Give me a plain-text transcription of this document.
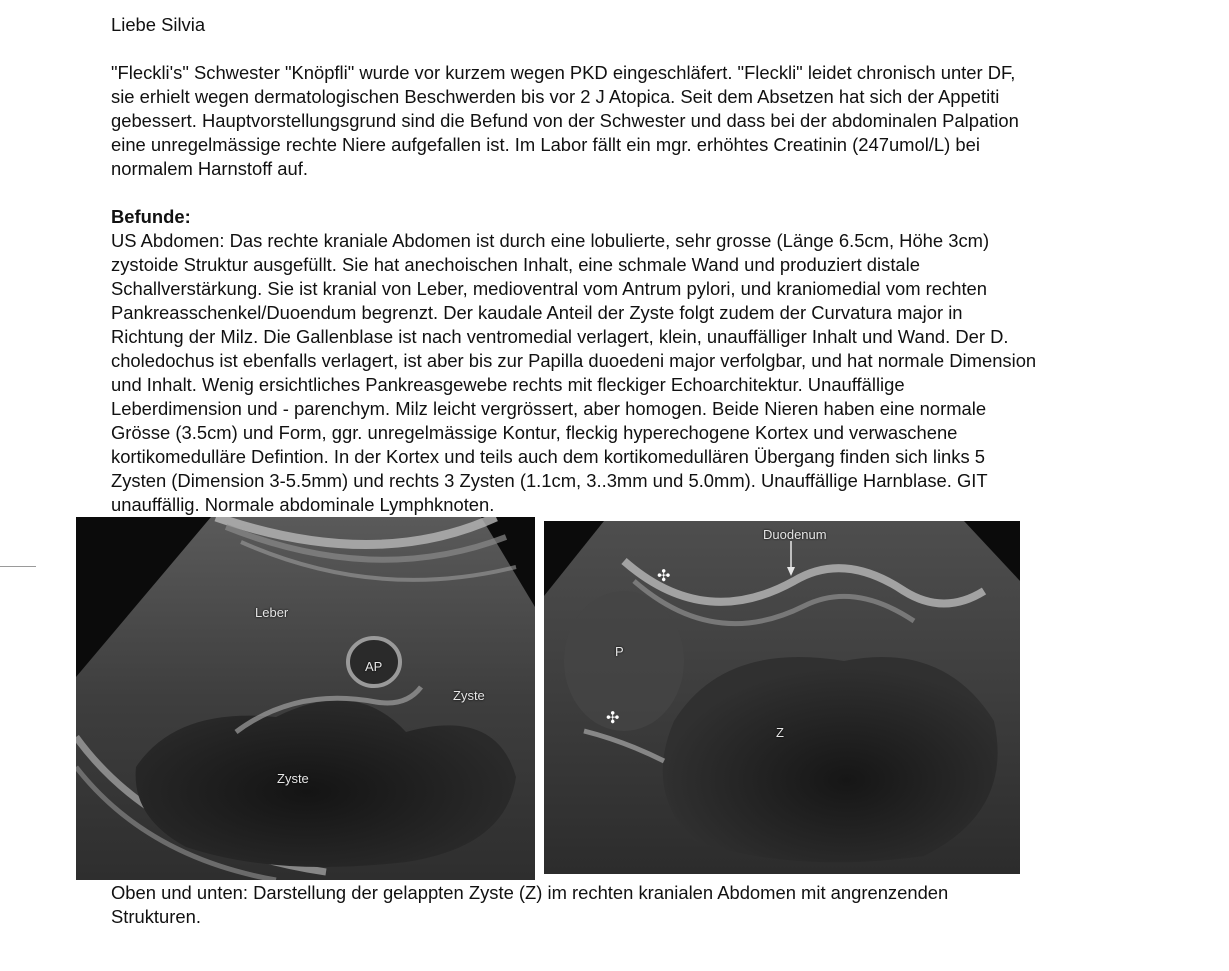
Liebe Silvia
"Fleckli's" Schwester "Knöpfli" wurde vor kurzem wegen PKD eingeschläfert. "Fleckli" leidet chronisch unter DF,
sie erhielt wegen dermatologischen Beschwerden bis vor 2 J Atopica. Seit dem Absetzen hat sich der Appetiti
gebessert. Hauptvorstellungsgrund sind die Befund von der Schwester und dass bei der abdominalen Palpation
eine unregelmässige rechte Niere aufgefallen ist. Im Labor fällt ein mgr. erhöhtes Creatinin (247umol/L) bei
normalem Harnstoff auf.
Befunde:
US Abdomen: Das rechte kraniale Abdomen ist durch eine lobulierte, sehr grosse (Länge 6.5cm, Höhe 3cm)
zystoide Struktur ausgefüllt. Sie hat anechoischen Inhalt, eine schmale Wand und produziert distale
Schallverstärkung. Sie ist kranial von Leber, medioventral vom Antrum pylori, und kraniomedial vom rechten
Pankreasschenkel/Duoendum begrenzt. Der kaudale Anteil der Zyste folgt zudem der Curvatura major in
Richtung der Milz. Die Gallenblase ist nach ventromedial verlagert, klein, unauffälliger Inhalt und Wand. Der D.
choledochus ist ebenfalls verlagert, ist aber bis zur Papilla duoedeni major verfolgbar, und hat normale Dimension
und Inhalt. Wenig ersichtliches Pankreasgewebe rechts mit fleckiger Echoarchitektur. Unauffällige
Leberdimension und - parenchym. Milz leicht vergrössert, aber homogen. Beide Nieren haben eine normale
Grösse (3.5cm) und Form, ggr. unregelmässige Kontur, fleckig hyperechogene Kortex und verwaschene
kortikomedulläre Defintion. In der Kortex und teils auch dem kortikomedullären Übergang finden sich links 5
Zysten (Dimension 3-5.5mm) und rechts 3 Zysten (1.1cm, 3..3mm und 5.0mm). Unauffällige Harnblase. GIT
unauffällig. Normale abdominale Lymphknoten.
Leber
AP
Zyste
Zyste
Duodenum
P
Z
✣
✣
Oben und unten: Darstellung der gelappten Zyste (Z) im rechten kranialen Abdomen mit angrenzenden
Strukturen.
